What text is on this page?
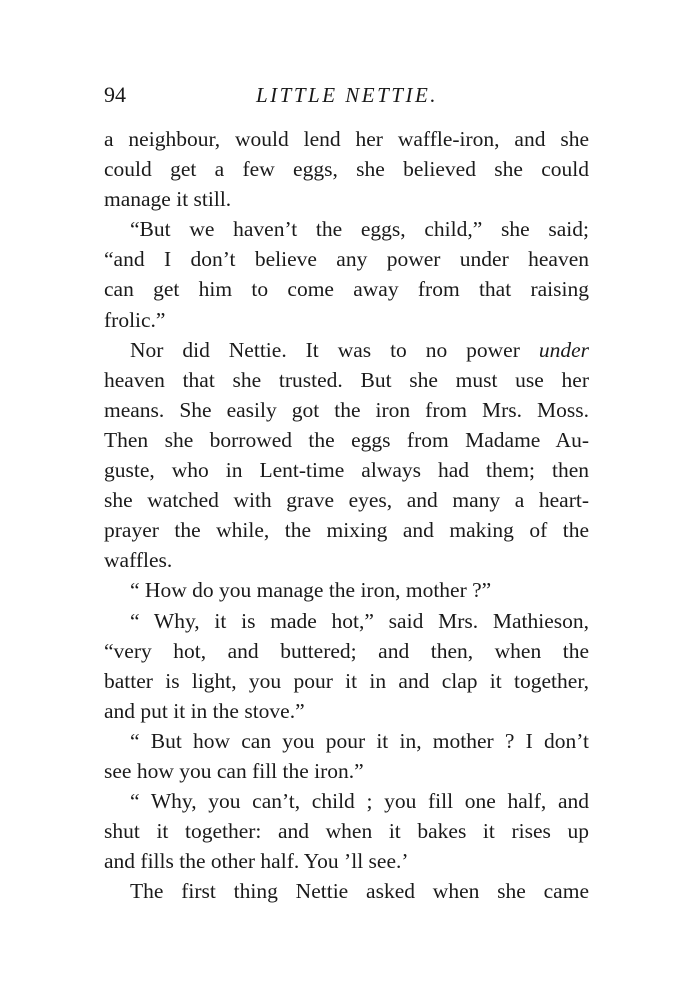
94	LITTLE NETTIE.
a neighbour, would lend her waffle-iron, and she
could get a few eggs, she believed she could
manage it still.
“But we haven’t the eggs, child,” she said;
“and I don’t believe any power under heaven
can get him to come away from that raising
frolic.”
Nor did Nettie. It was to no power under
heaven that she trusted. But she must use her
means. She easily got the iron from Mrs. Moss.
Then she borrowed the eggs from Madame Au-
guste, who in Lent-time always had them; then
she watched with grave eyes, and many a heart-
prayer the while, the mixing and making of the
waffles.
“ How do you manage the iron, mother ?”
“ Why, it is made hot,” said Mrs. Mathieson,
“very hot, and buttered; and then, when the
batter is light, you pour it in and clap it together,
and put it in the stove.”
“ But how can you pour it in, mother ? I don’t
see how you can fill the iron.”
“ Why, you can’t, child ; you fill one half, and
shut it together: and when it bakes it rises up
and fills the other half. You ’ll see.’
The first thing Nettie asked when she came
